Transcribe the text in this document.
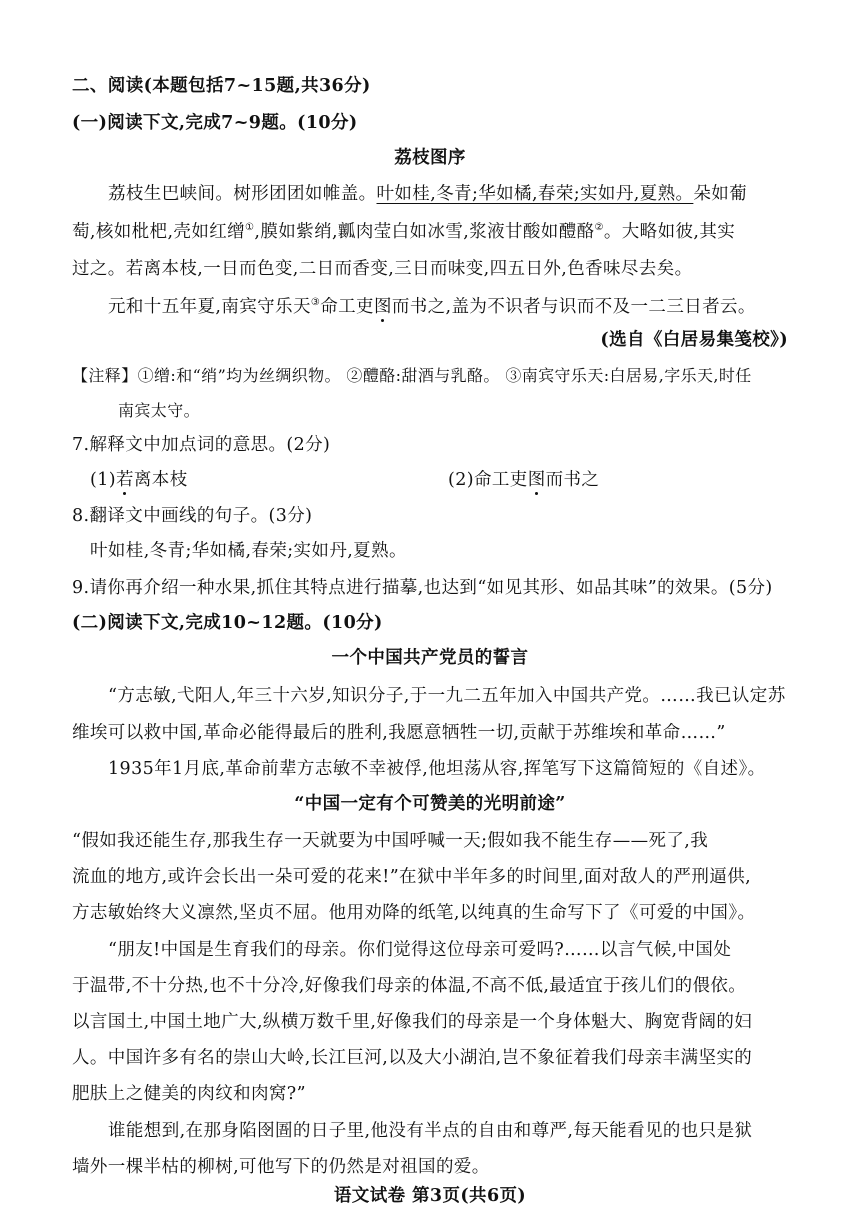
二、阅读(本题包括7~15题,共36分)
(一)阅读下文,完成7~9题。(10分)
荔枝图序
荔枝生巴峡间。树形团团如帷盖。叶如桂,冬青;华如橘,春荣;实如丹,夏熟。朵如葡
萄,核如枇杷,壳如红缯①,膜如紫绡,瓤肉莹白如冰雪,浆液甘酸如醴酪②。大略如彼,其实
过之。若离本枝,一日而色变,二日而香变,三日而味变,四五日外,色香味尽去矣。
元和十五年夏,南宾守乐天③命工吏图而书之,盖为不识者与识而不及一二三日者云。
(选自《白居易集笺校》)
【注释】①缯:和“绡”均为丝绸织物。 ②醴酪:甜酒与乳酪。 ③南宾守乐天:白居易,字乐天,时任
南宾太守。
7.解释文中加点词的意思。(2分)
(1)若离本枝	(2)命工吏图而书之
8.翻译文中画线的句子。(3分)
叶如桂,冬青;华如橘,春荣;实如丹,夏熟。
9.请你再介绍一种水果,抓住其特点进行描摹,也达到“如见其形、如品其味”的效果。(5分)
(二)阅读下文,完成10~12题。(10分)
一个中国共产党员的誓言
“方志敏,弋阳人,年三十六岁,知识分子,于一九二五年加入中国共产党。……我已认定苏
维埃可以救中国,革命必能得最后的胜利,我愿意牺牲一切,贡献于苏维埃和革命……”
1935年1月底,革命前辈方志敏不幸被俘,他坦荡从容,挥笔写下这篇简短的《自述》。
“中国一定有个可赞美的光明前途”
“假如我还能生存,那我生存一天就要为中国呼喊一天;假如我不能生存——死了,我
流血的地方,或许会长出一朵可爱的花来!”在狱中半年多的时间里,面对敌人的严刑逼供,
方志敏始终大义凛然,坚贞不屈。他用劝降的纸笔,以纯真的生命写下了《可爱的中国》。
“朋友!中国是生育我们的母亲。你们觉得这位母亲可爱吗?……以言气候,中国处
于温带,不十分热,也不十分冷,好像我们母亲的体温,不高不低,最适宜于孩儿们的偎依。
以言国土,中国土地广大,纵横万数千里,好像我们的母亲是一个身体魁大、胸宽背阔的妇
人。中国许多有名的崇山大岭,长江巨河,以及大小湖泊,岂不象征着我们母亲丰满坚实的
肥肤上之健美的肉纹和肉窝?”
谁能想到,在那身陷囹圄的日子里,他没有半点的自由和尊严,每天能看见的也只是狱
墙外一棵半枯的柳树,可他写下的仍然是对祖国的爱。
语文试卷 第3页(共6页)
